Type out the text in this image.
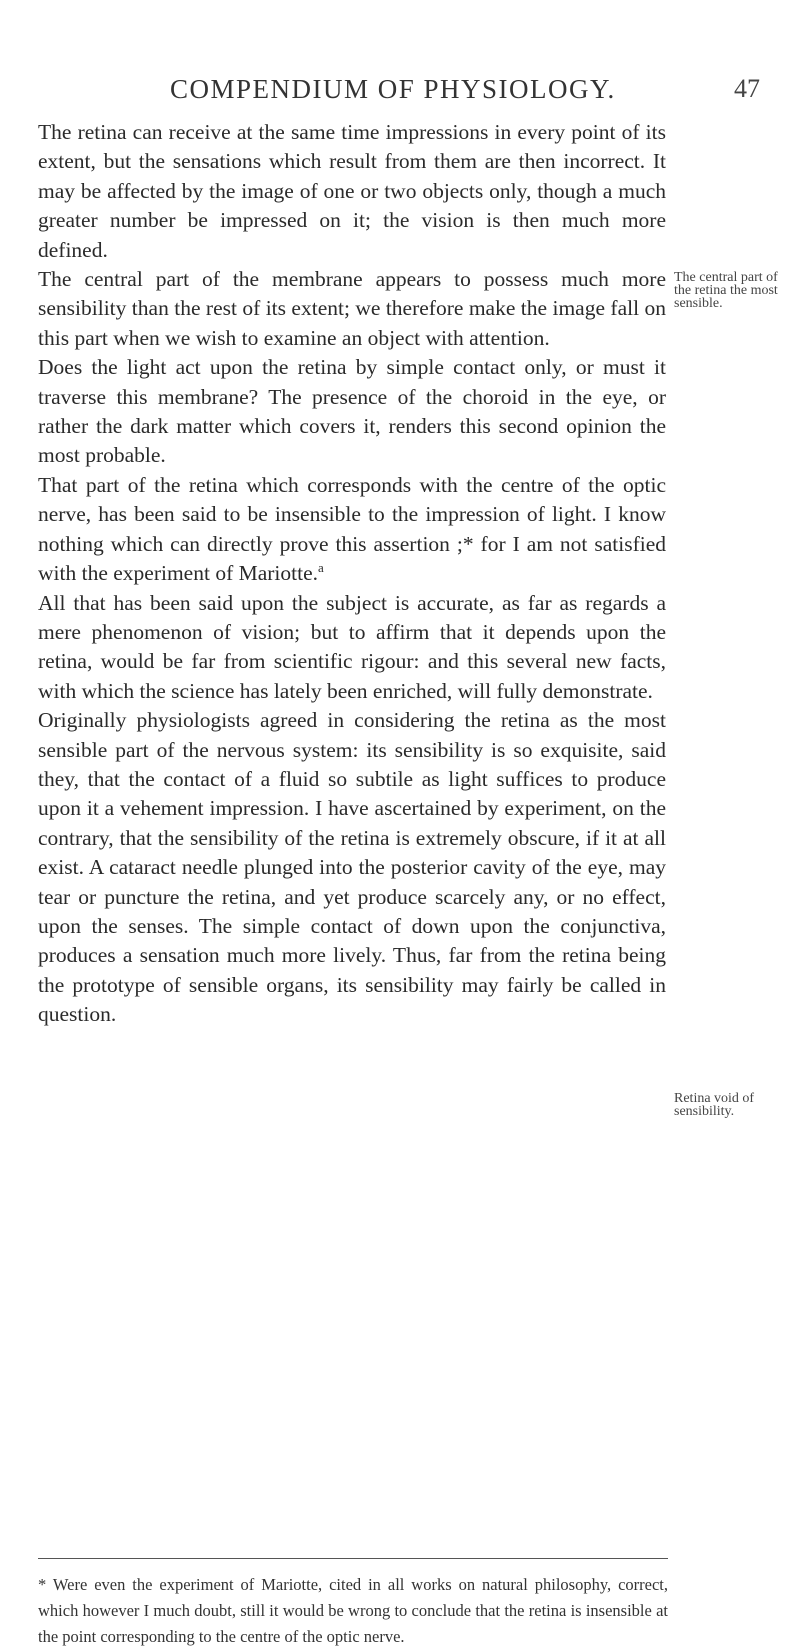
COMPENDIUM OF PHYSIOLOGY.	47

The retina can receive at the same time impressions in every point of its extent, but the sensations which result from them are then incorrect. It may be affected by the image of one or two objects only, though a much greater number be impressed on it; the vision is then much more defined.

The central part of the membrane appears to possess much more sensibility than the rest of its extent; we therefore make the image fall on this part when we wish to examine an object with attention.

Does the light act upon the retina by simple contact only, or must it traverse this membrane? The presence of the choroid in the eye, or rather the dark matter which covers it, renders this second opinion the most probable.

That part of the retina which corresponds with the centre of the optic nerve, has been said to be insensible to the impression of light. I know nothing which can directly prove this assertion ;* for I am not satisfied with the experiment of Mariotte.$^a$

All that has been said upon the subject is accurate, as far as regards a mere phenomenon of vision; but to affirm that it depends upon the retina, would be far from scientific rigour: and this several new facts, with which the science has lately been enriched, will fully demonstrate.

Originally physiologists agreed in considering the retina as the most sensible part of the nervous system: its sensibility is so exquisite, said they, that the contact of a fluid so subtile as light suffices to produce upon it a vehement impression. I have ascertained by experiment, on the contrary, that the sensibility of the retina is extremely obscure, if it at all exist. A cataract needle plunged into the posterior cavity of the eye, may tear or puncture the retina, and yet produce scarcely any, or no effect, upon the senses. The simple contact of down upon the conjunctiva, produces a sensation much more lively. Thus, far from the retina being the prototype of sensible organs, its sensibility may fairly be called in question.

The central part of the retina the most sensible.
Retina void of sensibility.

* Were even the experiment of Mariotte, cited in all works on natural philosophy, correct, which however I much doubt, still it would be wrong to conclude that the retina is insensible at the point corresponding to the centre of the optic nerve.
